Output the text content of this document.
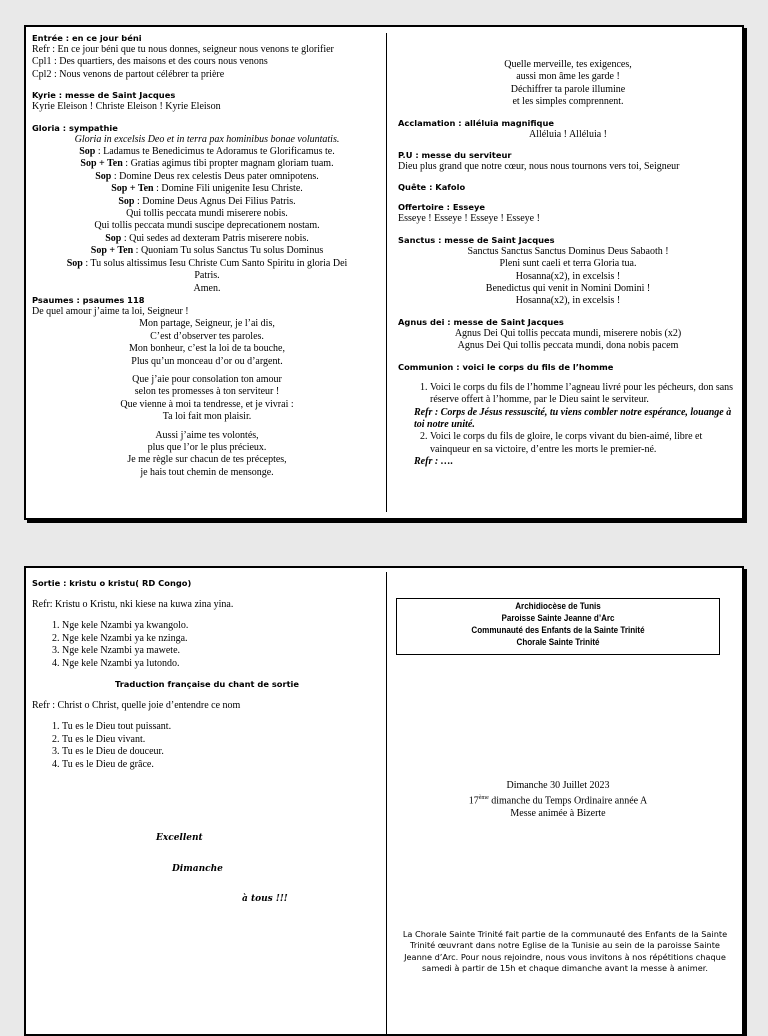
Entrée : en ce jour béni

Refr : En ce jour béni que tu nous donnes, seigneur nous venons te glorifier

Cpl1 : Des quartiers, des maisons et des cours nous venons

Cpl2 : Nous venons de partout célébrer ta prière

Kyrie : messe de Saint Jacques

Kyrie Eleison ! Christe Eleison ! Kyrie Eleison

Gloria : sympathie

Gloria in excelsis Deo et in terra pax hominibus bonae voluntatis.

Sop : Ladamus te Benedicimus te Adoramus te Glorificamus te.

Sop + Ten : Gratias agimus tibi propter magnam gloriam tuam.

Sop : Domine Deus rex celestis Deus pater omnipotens.

Sop + Ten : Domine Fili unigenite Iesu Christe.

Sop : Domine Deus Agnus Dei Filius Patris.

Qui tollis peccata mundi miserere nobis.

Qui tollis peccata mundi suscipe deprecationem nostam.

Sop : Qui sedes ad dexteram Patris miserere nobis.

Sop + Ten : Quoniam Tu solus Sanctus Tu solus Dominus

Sop : Tu solus altissimus Iesu Christe Cum Santo Spiritu in gloria Dei

Patris.

Amen.

Psaumes : psaumes 118

De quel amour j’aime ta loi, Seigneur !

Mon partage, Seigneur, je l’ai dis,

C’est d’observer tes paroles.

Mon bonheur, c’est la loi de ta bouche,

Plus qu’un monceau d’or ou d’argent.

Que j’aie pour consolation ton amour

selon tes promesses à ton serviteur !

Que vienne à moi ta tendresse, et je vivrai :

Ta loi fait mon plaisir.

Aussi j’aime tes volontés,

plus que l’or le plus précieux.

Je me règle sur chacun de tes préceptes,

je hais tout chemin de mensonge.

Quelle merveille, tes exigences,

aussi mon âme les garde !

Déchiffrer ta parole illumine

et les simples comprennent.

Acclamation : alléluia magnifique

Alléluia ! Alléluia !

P.U : messe du serviteur

Dieu plus grand que notre cœur, nous nous tournons vers toi, Seigneur

Quête : Kafolo

Offertoire : Esseye

Esseye ! Esseye ! Esseye ! Esseye !

Sanctus : messe de Saint Jacques

Sanctus Sanctus Sanctus Dominus Deus Sabaoth !

Pleni sunt caeli et terra Gloria tua.

Hosanna(x2), in excelsis !

Benedictus qui venit in Nomini Domini !

Hosanna(x2), in excelsis !

Agnus dei : messe de Saint Jacques

Agnus Dei Qui tollis peccata mundi, miserere nobis (x2)

Agnus Dei Qui tollis peccata mundi, dona nobis pacem

Communion : voici le corps du fils de l’homme

1. Voici le corps du fils de l’homme l’agneau livré pour les pécheurs, don sans réserve offert à l’homme, par le Dieu saint le serviteur.

Refr : Corps de Jésus ressuscité, tu viens combler notre espérance, louange à toi notre unité.

2. Voici le corps du fils de gloire, le corps vivant du bien-aimé, libre et vainqueur en sa victoire, d’entre les morts le premier-né.

Refr : ….

Sortie : kristu o kristu( RD Congo)

Refr: Kristu o Kristu, nki kiese na kuwa zina yina.

1. Nge kele Nzambi ya kwangolo.
2. Nge kele Nzambi ya ke nzinga.
3. Nge kele Nzambi ya mawete.
4. Nge kele Nzambi ya lutondo.

Traduction française du chant de sortie

Refr : Christ o Christ, quelle joie d’entendre ce nom

1. Tu es le Dieu tout puissant.
2. Tu es le Dieu vivant.
3. Tu es le Dieu de douceur.
4. Tu es le Dieu de grâce.

Excellent

Dimanche

à tous !!!

Archidiocèse de Tunis

Paroisse Sainte Jeanne d’Arc

Communauté des Enfants de la Sainte Trinité

Chorale Sainte Trinité

Dimanche 30 Juillet 2023

17ème dimanche du Temps Ordinaire année A

Messe animée à Bizerte

La Chorale Sainte Trinité fait partie de la communauté des Enfants de la Sainte Trinité œuvrant dans notre Eglise de la Tunisie au sein de la paroisse Sainte Jeanne d’Arc. Pour nous rejoindre, nous vous invitons à nos répétitions chaque samedi à partir de 15h et chaque dimanche avant la messe à animer.
